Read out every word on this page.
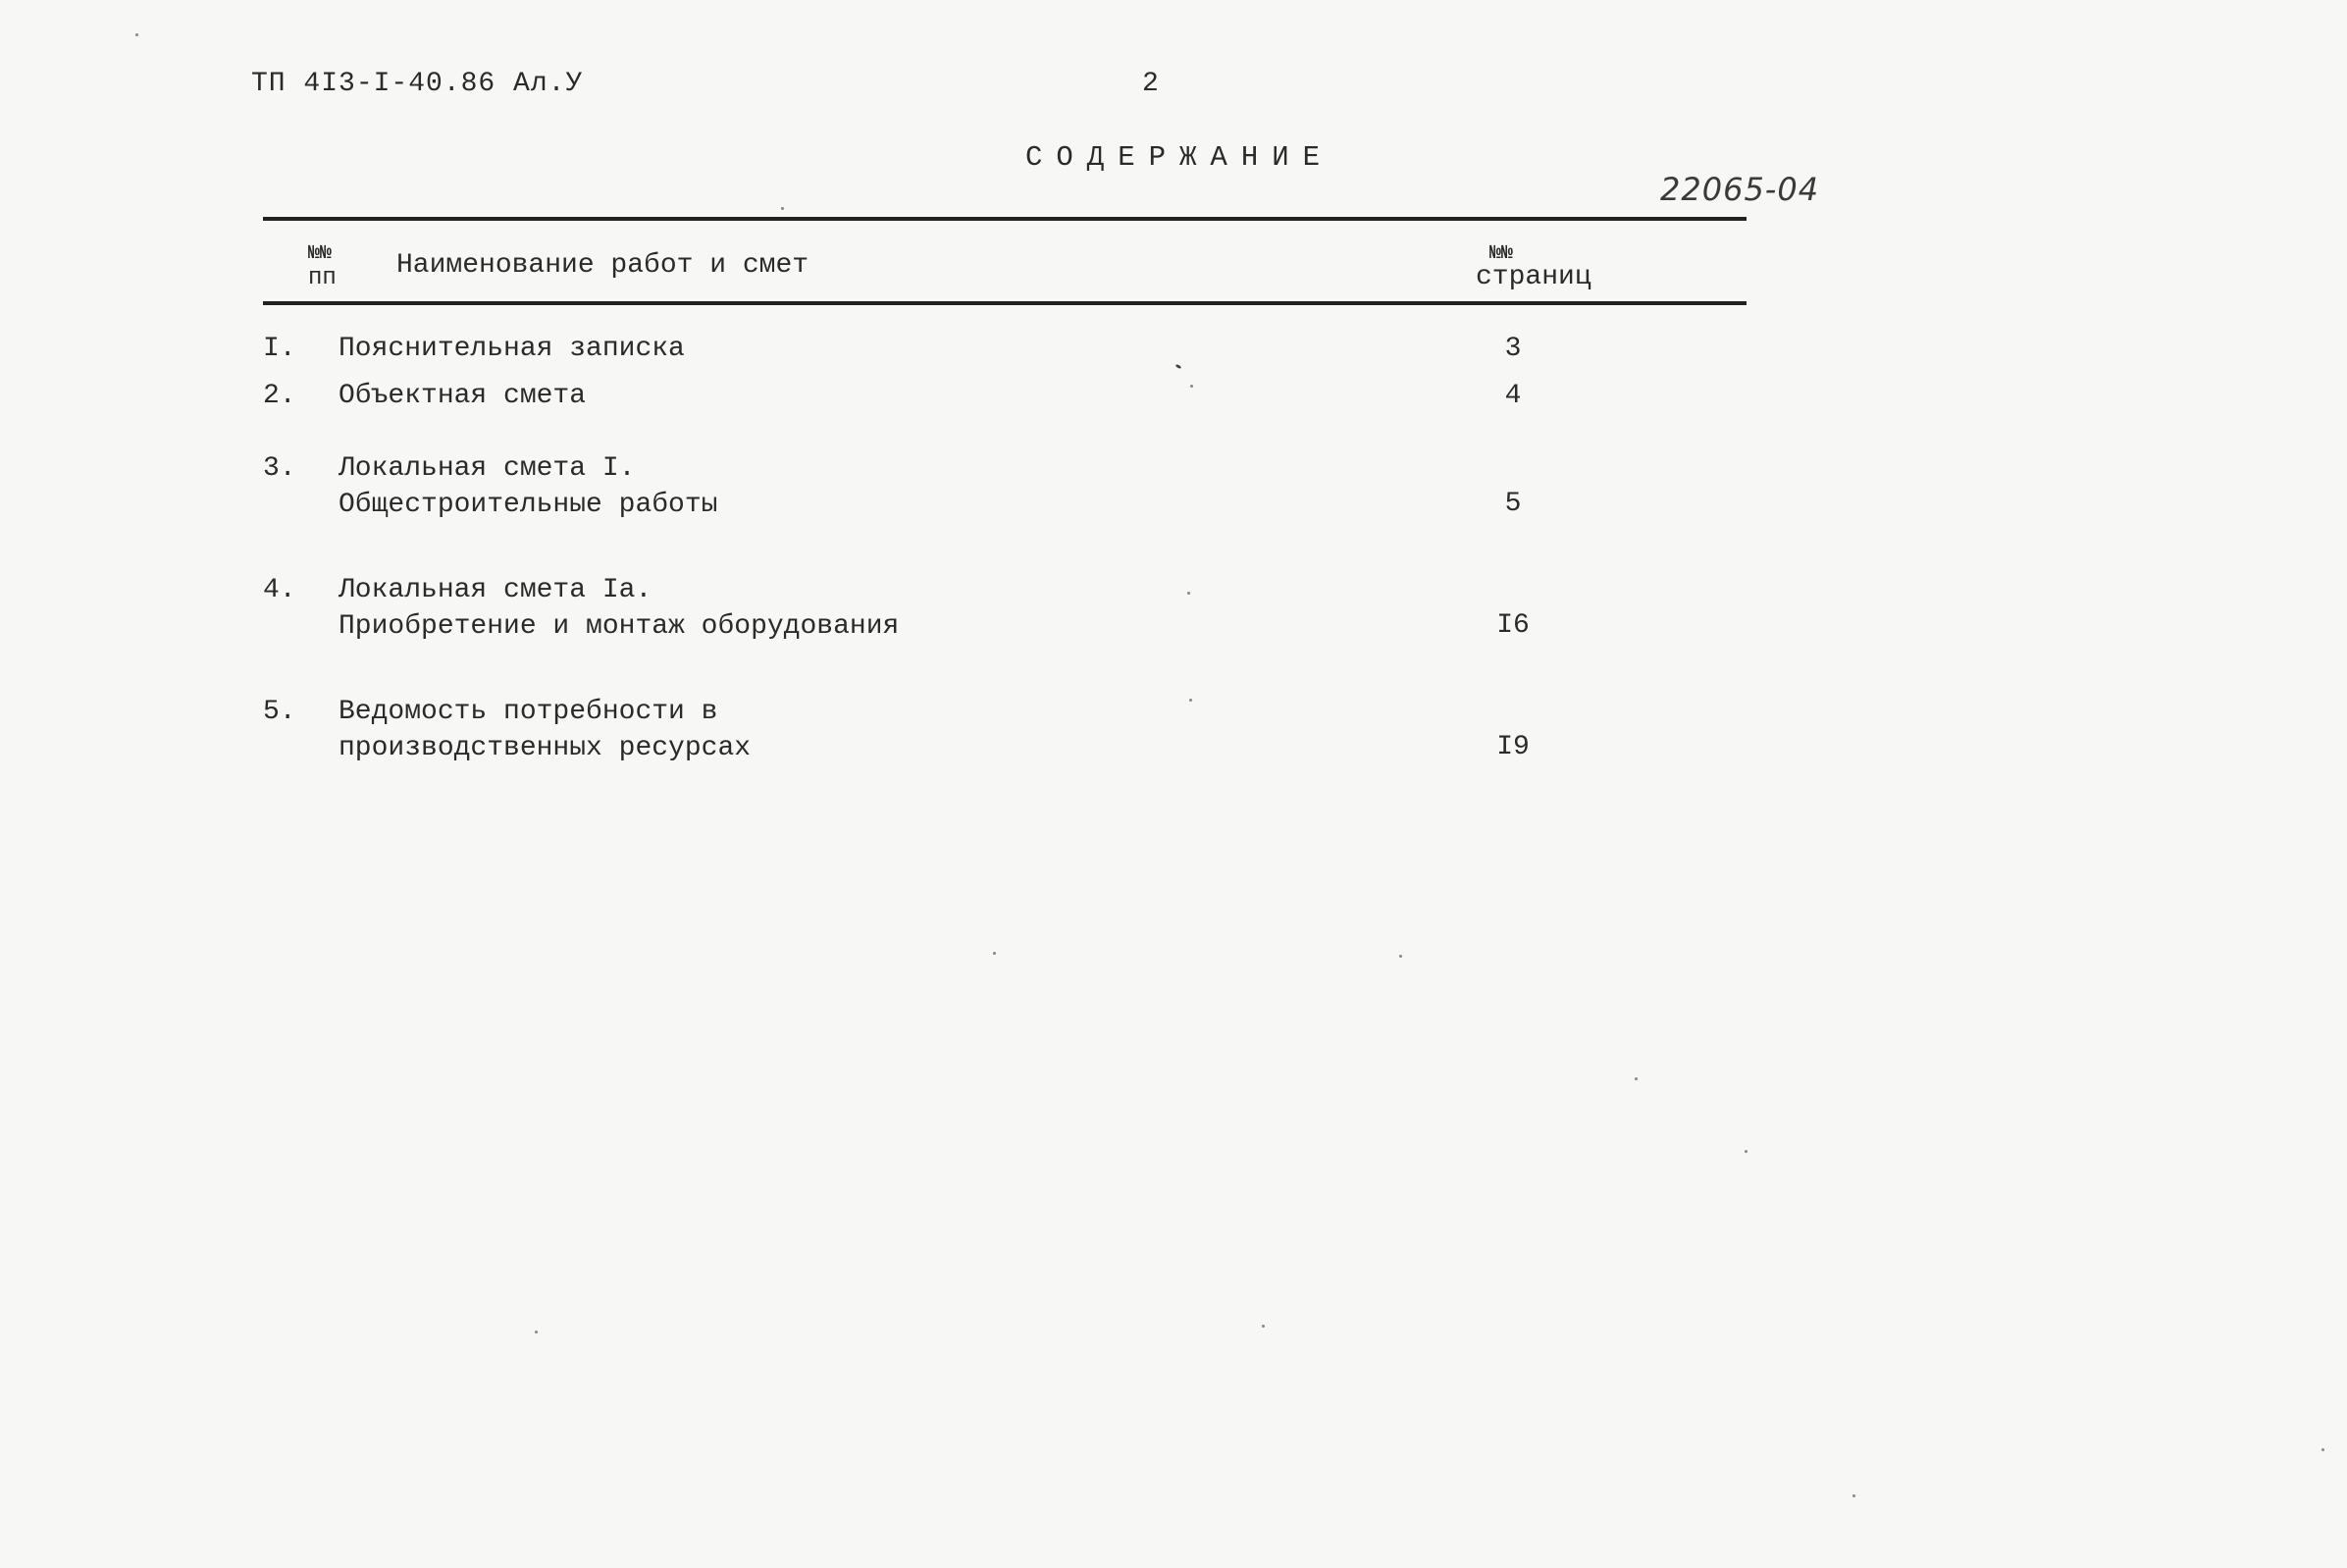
ТП 4I3-I-40.86 Ал.У	2
СОДЕРЖАНИЕ
22065-04
№№
пп Наименование работ и смет	№№
страниц
I. Пояснительная записка	3
2. Объектная смета	4
3. Локальная смета I.
Общестроительные работы	5
4. Локальная смета Iа.
Приобретение и монтаж оборудования	I6
5. Ведомость потребности в
производственных ресурсах	I9
